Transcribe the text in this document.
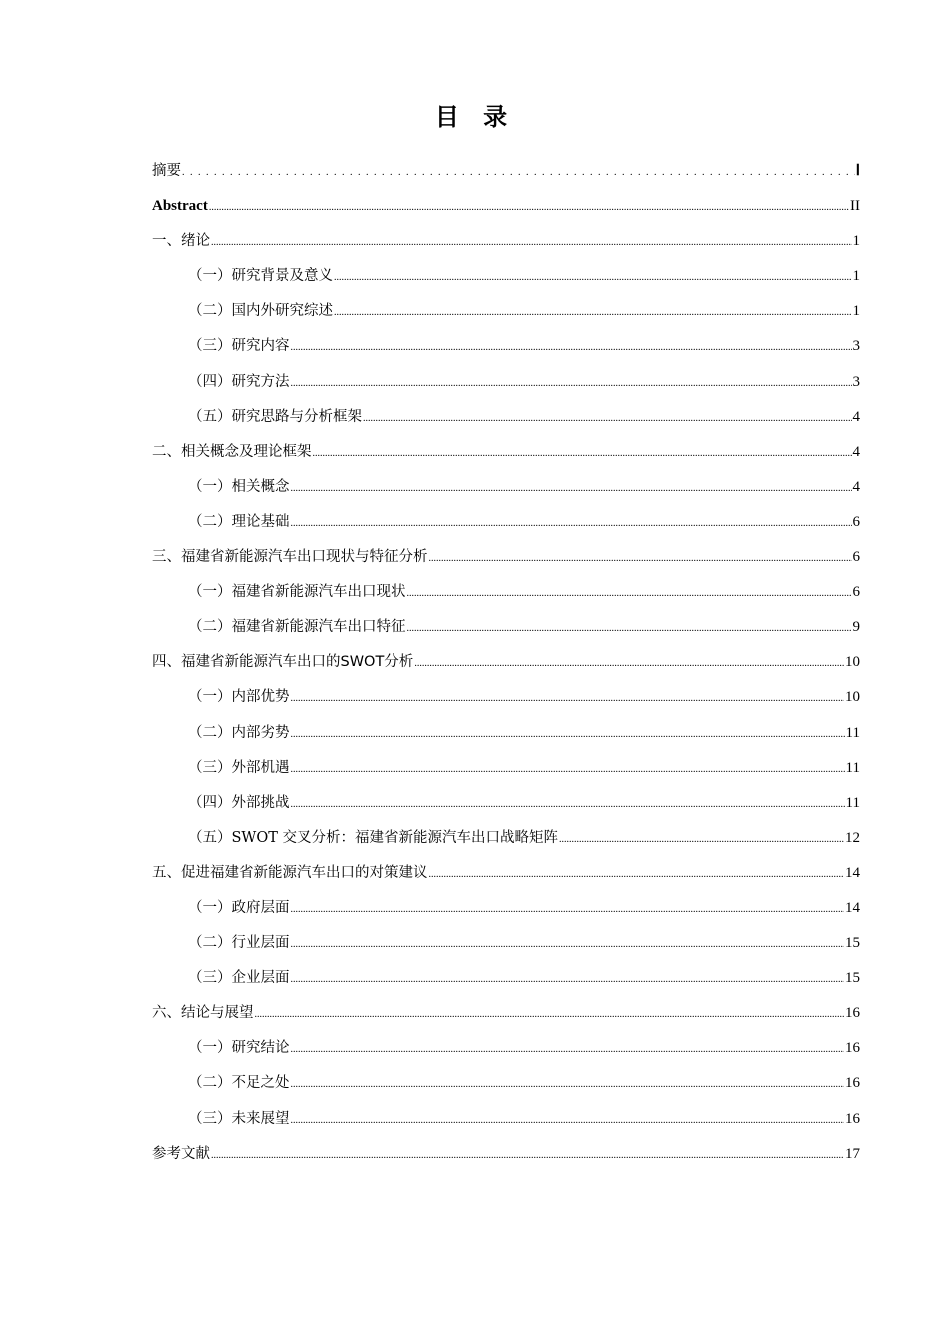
目 录
摘要 . . .	Ⅰ
Abstract .....	II
一、绪论 .....	1
（一）研究背景及意义 .....	1
（二）国内外研究综述 .....	1
（三）研究内容 .....	3
（四）研究方法 .....	3
（五）研究思路与分析框架 .....	4
二、相关概念及理论框架 .....	4
（一）相关概念 .....	4
（二）理论基础 .....	6
三、福建省新能源汽车出口现状与特征分析 .....	6
（一）福建省新能源汽车出口现状 .....	6
（二）福建省新能源汽车出口特征 .....	9
四、福建省新能源汽车出口的SWOT分析 .....	10
（一）内部优势 .....	10
（二）内部劣势 .....	11
（三）外部机遇 .....	11
（四）外部挑战 .....	11
（五）SWOT 交叉分析：福建省新能源汽车出口战略矩阵 .....	12
五、促进福建省新能源汽车出口的对策建议 .....	14
（一）政府层面 .....	14
（二）行业层面 .....	15
（三）企业层面 .....	15
六、结论与展望 .....	16
（一）研究结论 .....	16
（二）不足之处 .....	16
（三）未来展望 .....	16
参考文献 .....	17
